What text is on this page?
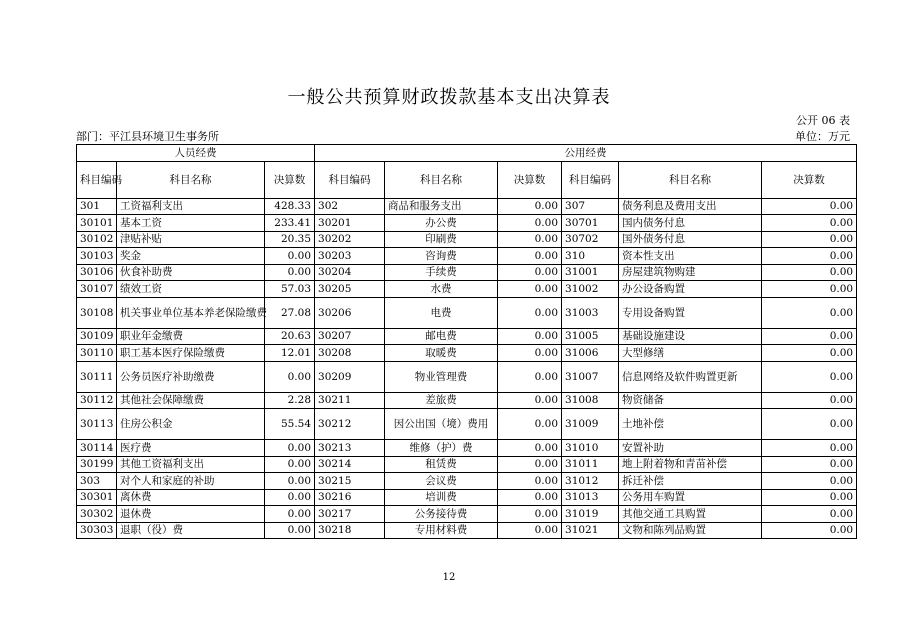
一般公共预算财政拨款基本支出决算表
公开 06 表
部门：平江县环境卫生事务所	单位：万元
人员经费			公用经费					
科目编码	科目名称	决算数	科目编码	科目名称	决算数	科目编码	科目名称	决算数
301	工资福利支出	428.33	302	商品和服务支出	0.00	307	债务利息及费用支出	0.00
30101	基本工资	233.41	30201	办公费	0.00	30701	国内债务付息	0.00
30102	津贴补贴	20.35	30202	印刷费	0.00	30702	国外债务付息	0.00
30103	奖金	0.00	30203	咨询费	0.00	310	资本性支出	0.00
30106	伙食补助费	0.00	30204	手续费	0.00	31001	房屋建筑物购建	0.00
30107	绩效工资	57.03	30205	水费	0.00	31002	办公设备购置	0.00
30108	机关事业单位基本养老保险缴费	27.08	30206	电费	0.00	31003	专用设备购置	0.00
30109	职业年金缴费	20.63	30207	邮电费	0.00	31005	基础设施建设	0.00
30110	职工基本医疗保险缴费	12.01	30208	取暖费	0.00	31006	大型修缮	0.00
30111	公务员医疗补助缴费	0.00	30209	物业管理费	0.00	31007	信息网络及软件购置更新	0.00
30112	其他社会保障缴费	2.28	30211	差旅费	0.00	31008	物资储备	0.00
30113	住房公积金	55.54	30212	因公出国（境）费用	0.00	31009	土地补偿	0.00
30114	医疗费	0.00	30213	维修（护）费	0.00	31010	安置补助	0.00
30199	其他工资福利支出	0.00	30214	租赁费	0.00	31011	地上附着物和青苗补偿	0.00
303	对个人和家庭的补助	0.00	30215	会议费	0.00	31012	拆迁补偿	0.00
30301	离休费	0.00	30216	培训费	0.00	31013	公务用车购置	0.00
30302	退休费	0.00	30217	公务接待费	0.00	31019	其他交通工具购置	0.00
30303	退职（役）费	0.00	30218	专用材料费	0.00	31021	文物和陈列品购置	0.00
12
